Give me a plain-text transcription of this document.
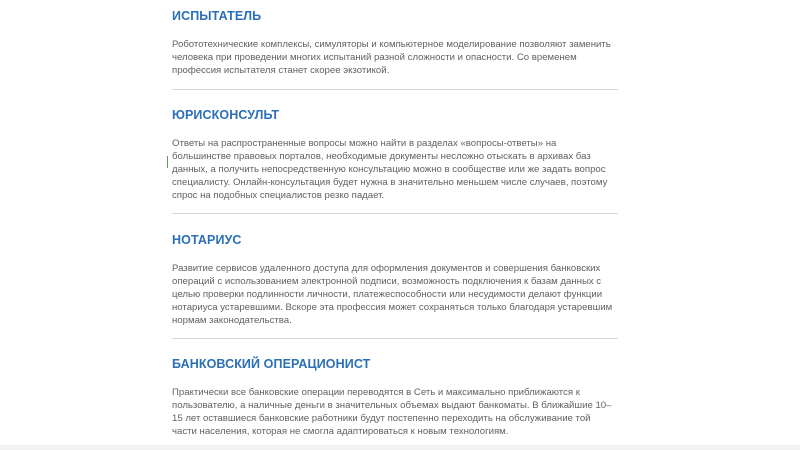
ИСПЫТАТЕЛЬ

Робототехнические комплексы, симуляторы и компьютерное моделирование позволяют заменить человека при проведении многих испытаний разной сложности и опасности. Со временем профессия испытателя станет скорее экзотикой.

ЮРИСКОНСУЛЬТ

Ответы на распространенные вопросы можно найти в разделах «вопросы-ответы» на большинстве правовых порталов, необходимые документы несложно отыскать в архивах баз данных, а получить непосредственную консультацию можно в сообществе или же задать вопрос специалисту. Онлайн-консультация будет нужна в значительно меньшем числе случаев, поэтому спрос на подобных специалистов резко падает.

НОТАРИУС

Развитие сервисов удаленного доступа для оформления документов и совершения банковских операций с использованием электронной подписи, возможность подключения к базам данных с целью проверки подлинности личности, платежеспособности или несудимости делают функции нотариуса устаревшими. Вскоре эта профессия может сохраняться только благодаря устаревшим нормам законодательства.

БАНКОВСКИЙ ОПЕРАЦИОНИСТ

Практически все банковские операции переводятся в Сеть и максимально приближаются к пользователю, а наличные деньги в значительных объемах выдают банкоматы. В ближайшие 10–15 лет оставшиеся банковские работники будут постепенно переходить на обслуживание той части населения, которая не смогла адаптироваться к новым технологиям.
